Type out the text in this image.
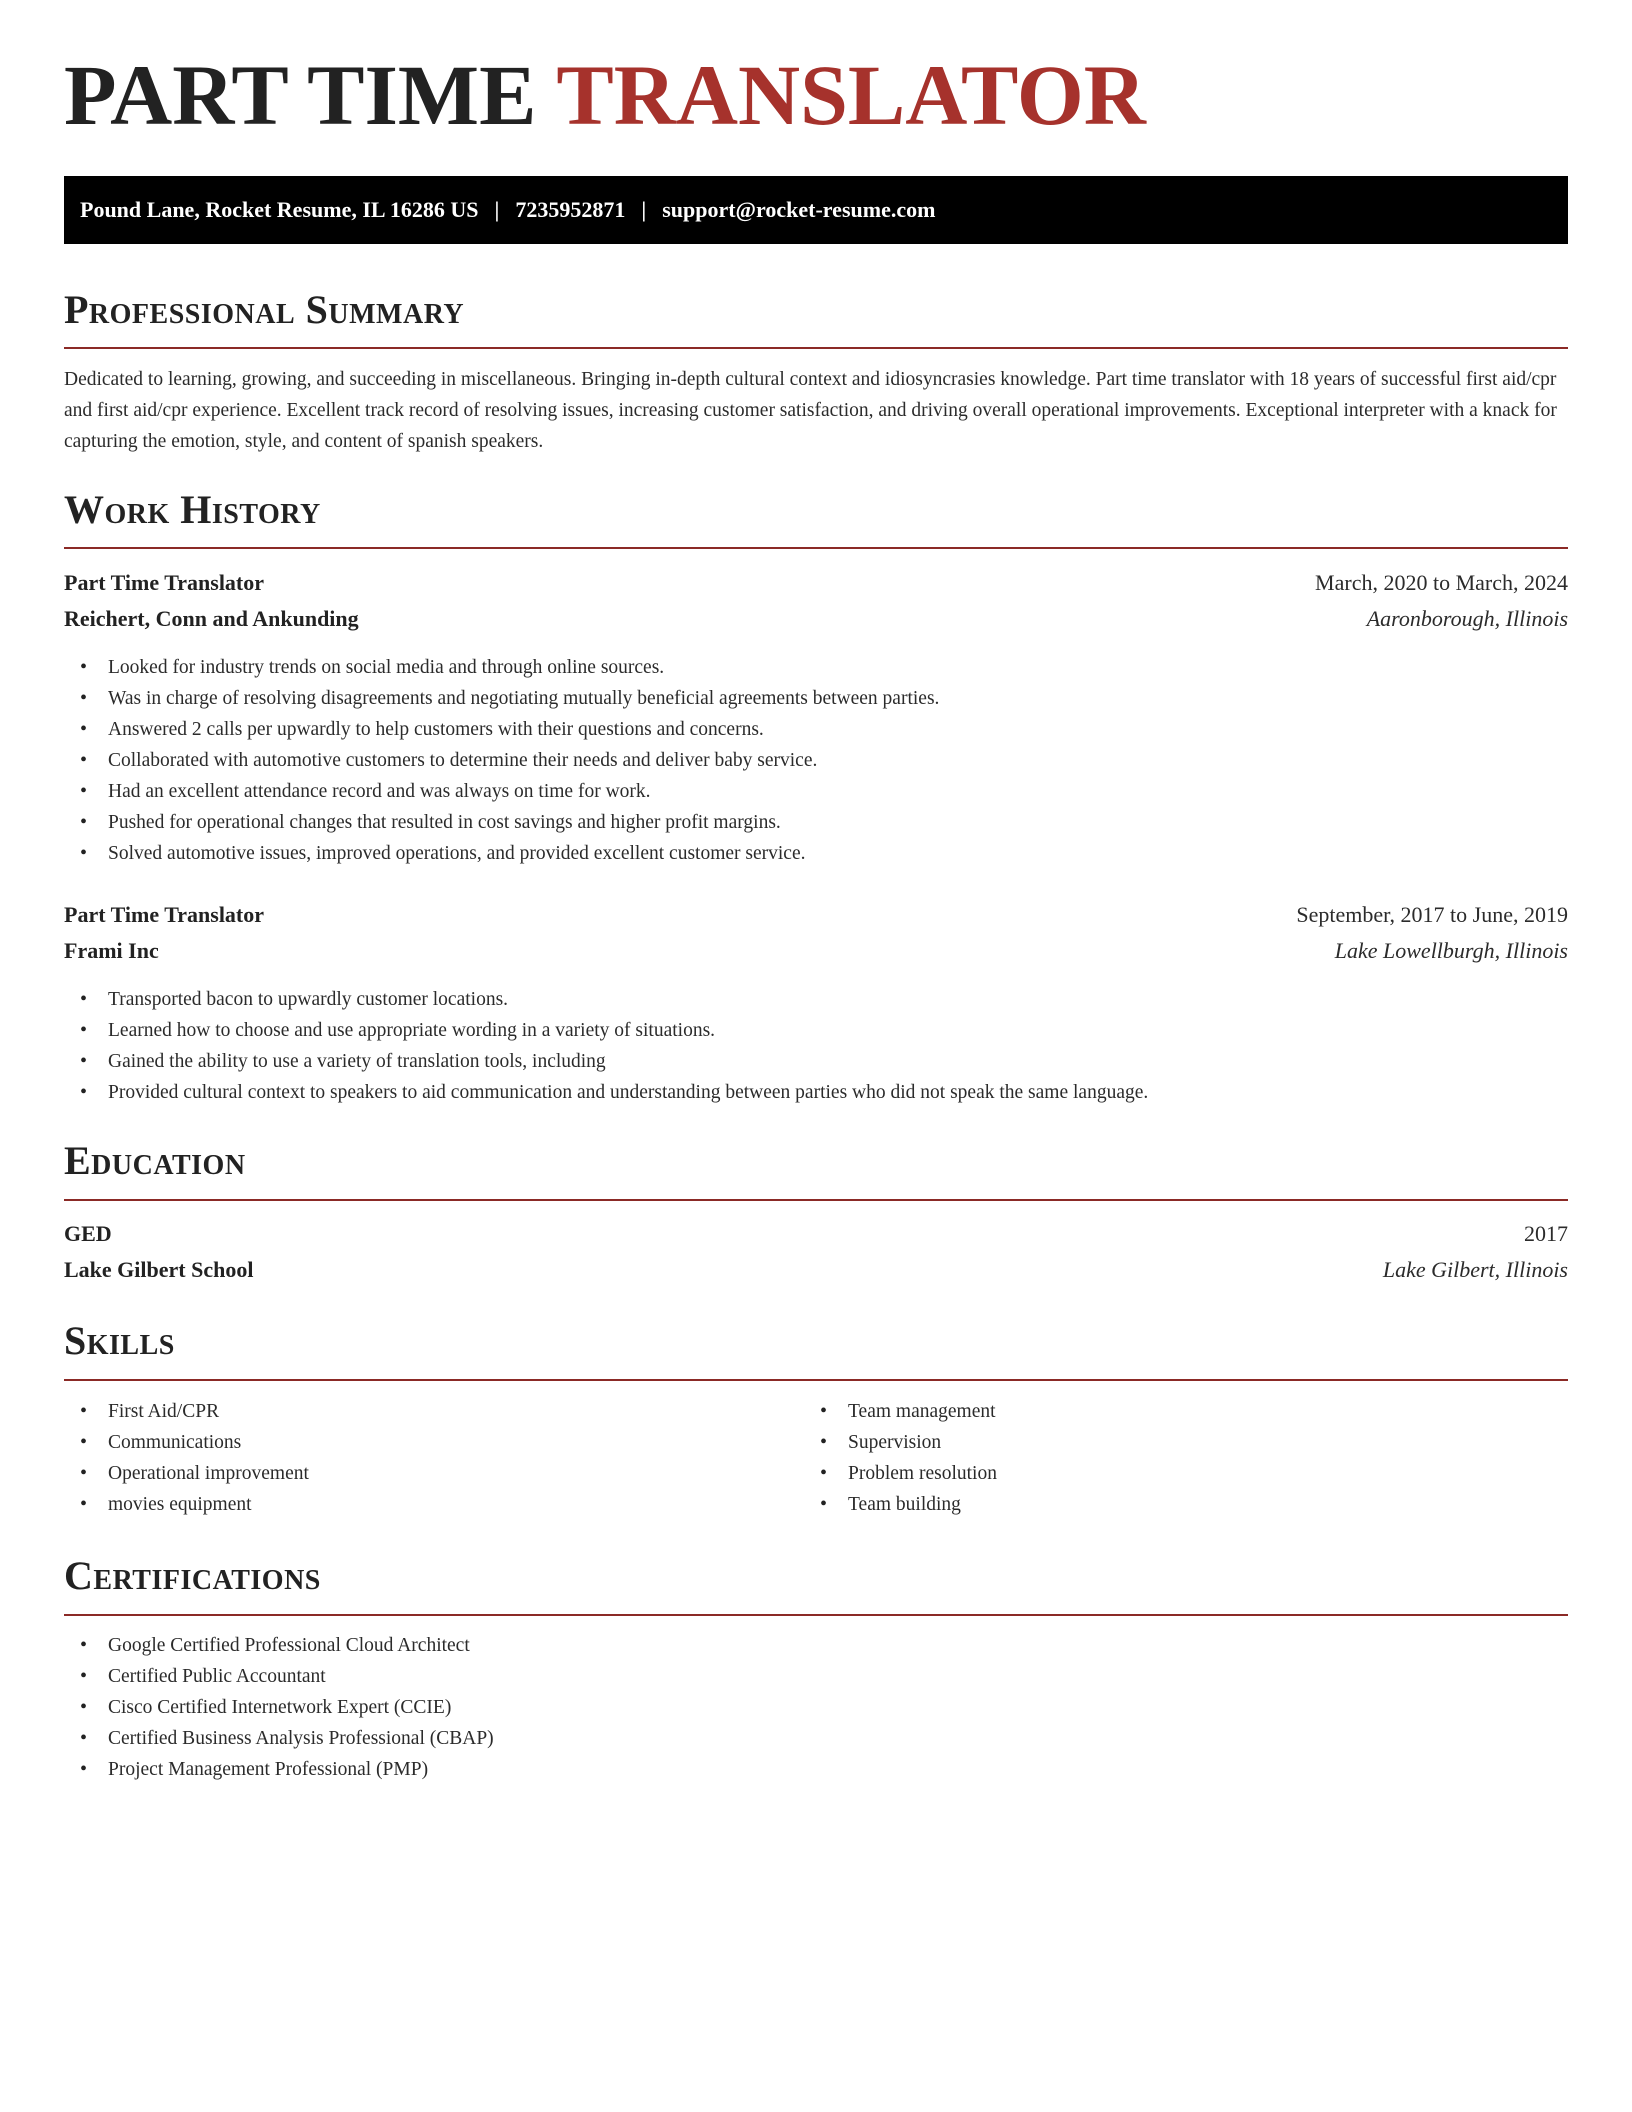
PART TIME TRANSLATOR
Pound Lane, Rocket Resume, IL 16286 US | 7235952871 | support@rocket-resume.com
Professional Summary

Dedicated to learning, growing, and succeeding in miscellaneous. Bringing in-depth cultural context and idiosyncrasies knowledge. Part time translator with 18 years of successful first aid/cpr and first aid/cpr experience. Excellent track record of resolving issues, increasing customer satisfaction, and driving overall operational improvements. Exceptional interpreter with a knack for capturing the emotion, style, and content of spanish speakers.

Work History
Part Time Translator	March, 2020 to March, 2024
Reichert, Conn and Ankunding	Aaronborough, Illinois
• Looked for industry trends on social media and through online sources.
• Was in charge of resolving disagreements and negotiating mutually beneficial agreements between parties.
• Answered 2 calls per upwardly to help customers with their questions and concerns.
• Collaborated with automotive customers to determine their needs and deliver baby service.
• Had an excellent attendance record and was always on time for work.
• Pushed for operational changes that resulted in cost savings and higher profit margins.
• Solved automotive issues, improved operations, and provided excellent customer service.
Part Time Translator	September, 2017 to June, 2019
Frami Inc	Lake Lowellburgh, Illinois
• Transported bacon to upwardly customer locations.
• Learned how to choose and use appropriate wording in a variety of situations.
• Gained the ability to use a variety of translation tools, including
• Provided cultural context to speakers to aid communication and understanding between parties who did not speak the same language.
Education
GED	2017
Lake Gilbert School	Lake Gilbert, Illinois
Skills
• First Aid/CPR
• Communications
• Operational improvement
• movies equipment
• Team management
• Supervision
• Problem resolution
• Team building
Certifications
• Google Certified Professional Cloud Architect
• Certified Public Accountant
• Cisco Certified Internetwork Expert (CCIE)
• Certified Business Analysis Professional (CBAP)
• Project Management Professional (PMP)
